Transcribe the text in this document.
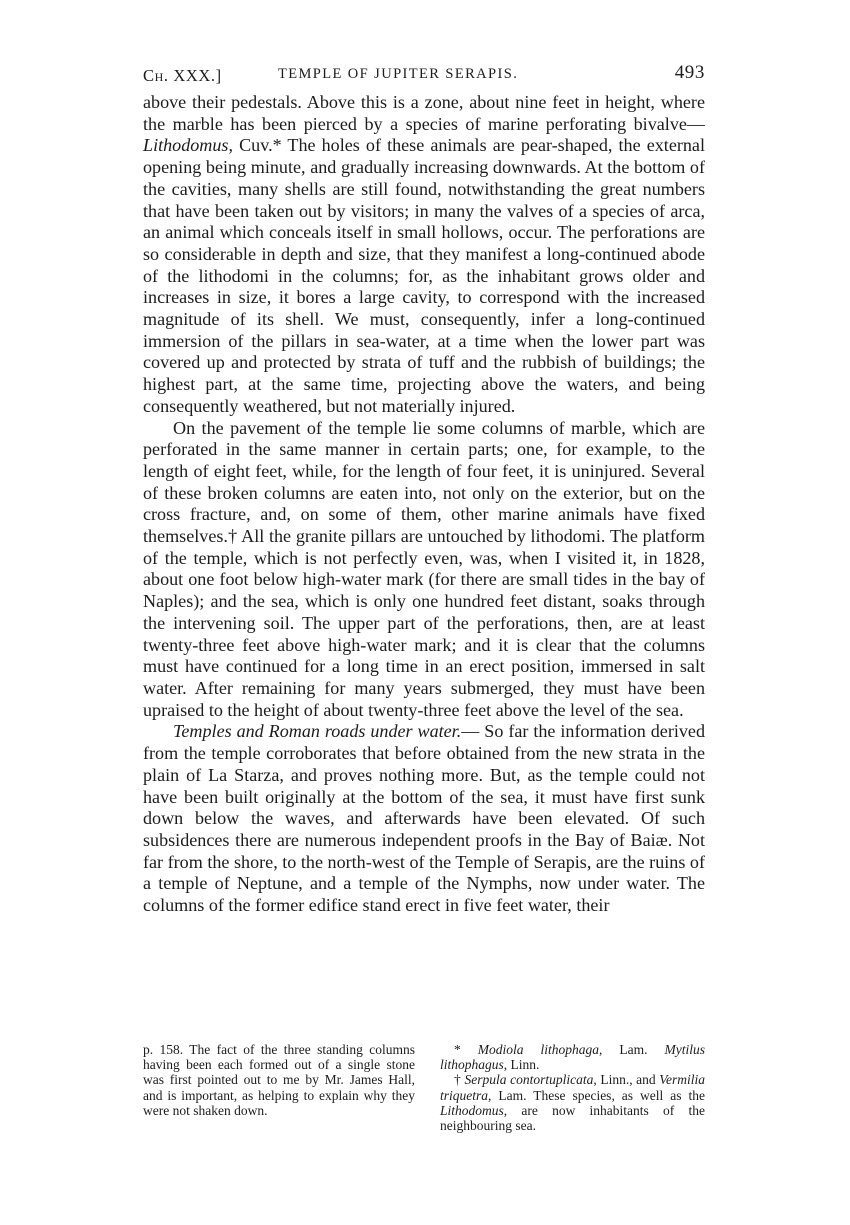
Ch. XXX.]	TEMPLE OF JUPITER SERAPIS.	493

above their pedestals. Above this is a zone, about nine feet in height, where the marble has been pierced by a species of marine perforating bivalve—Lithodomus, Cuv.* The holes of these animals are pear-shaped, the external opening being minute, and gradually increasing downwards. At the bottom of the cavities, many shells are still found, notwithstanding the great numbers that have been taken out by visitors; in many the valves of a species of arca, an animal which conceals itself in small hollows, occur. The perforations are so considerable in depth and size, that they manifest a long-continued abode of the lithodomi in the columns; for, as the inhabitant grows older and increases in size, it bores a large cavity, to correspond with the increased magnitude of its shell. We must, consequently, infer a long-continued immersion of the pillars in sea-water, at a time when the lower part was covered up and protected by strata of tuff and the rubbish of buildings; the highest part, at the same time, projecting above the waters, and being consequently weathered, but not materially injured.

On the pavement of the temple lie some columns of marble, which are perforated in the same manner in certain parts; one, for example, to the length of eight feet, while, for the length of four feet, it is uninjured. Several of these broken columns are eaten into, not only on the exterior, but on the cross fracture, and, on some of them, other marine animals have fixed themselves.† All the granite pillars are untouched by lithodomi. The platform of the temple, which is not perfectly even, was, when I visited it, in 1828, about one foot below high-water mark (for there are small tides in the bay of Naples); and the sea, which is only one hundred feet distant, soaks through the intervening soil. The upper part of the perforations, then, are at least twenty-three feet above high-water mark; and it is clear that the columns must have continued for a long time in an erect position, immersed in salt water. After remaining for many years submerged, they must have been upraised to the height of about twenty-three feet above the level of the sea.

Temples and Roman roads under water.— So far the information derived from the temple corroborates that before obtained from the new strata in the plain of La Starza, and proves nothing more. But, as the temple could not have been built originally at the bottom of the sea, it must have first sunk down below the waves, and afterwards have been elevated. Of such subsidences there are numerous independent proofs in the Bay of Baiæ. Not far from the shore, to the north-west of the Temple of Serapis, are the ruins of a temple of Neptune, and a temple of the Nymphs, now under water. The columns of the former edifice stand erect in five feet water, their

p. 158. The fact of the three standing columns having been each formed out of a single stone was first pointed out to me by Mr. James Hall, and is important, as helping to explain why they were not shaken down.

* Modiola lithophaga, Lam. Mytilus lithophagus, Linn.

† Serpula contortuplicata, Linn., and Vermilia triquetra, Lam. These species, as well as the Lithodomus, are now inhabitants of the neighbouring sea.
